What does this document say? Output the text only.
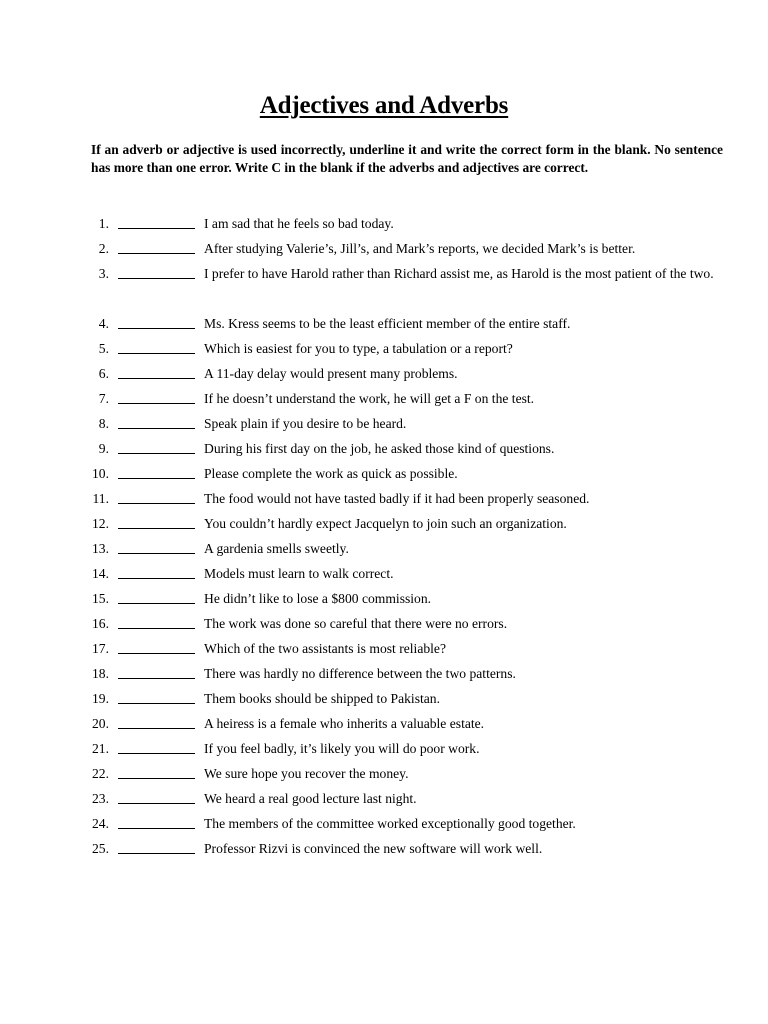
Adjectives and Adverbs

If an adverb or adjective is used incorrectly, underline it and write the correct form in the blank. No sentence has more than one error. Write C in the blank if the adverbs and adjectives are correct.

1.	I am sad that he feels so bad today.
2.	After studying Valerie’s, Jill’s, and Mark’s reports, we decided Mark’s is better.
3.	I prefer to have Harold rather than Richard assist me, as Harold is the most patient of the two.
4.	Ms. Kress seems to be the least efficient member of the entire staff.
5.	Which is easiest for you to type, a tabulation or a report?
6.	A 11-day delay would present many problems.
7.	If he doesn’t understand the work, he will get a F on the test.
8.	Speak plain if you desire to be heard.
9.	During his first day on the job, he asked those kind of questions.
10.	Please complete the work as quick as possible.
11.	The food would not have tasted badly if it had been properly seasoned.
12.	You couldn’t hardly expect Jacquelyn to join such an organization.
13.	A gardenia smells sweetly.
14.	Models must learn to walk correct.
15.	He didn’t like to lose a $800 commission.
16.	The work was done so careful that there were no errors.
17.	Which of the two assistants is most reliable?
18.	There was hardly no difference between the two patterns.
19.	Them books should be shipped to Pakistan.
20.	A heiress is a female who inherits a valuable estate.
21.	If you feel badly, it’s likely you will do poor work.
22.	We sure hope you recover the money.
23.	We heard a real good lecture last night.
24.	The members of the committee worked exceptionally good together.
25.	Professor Rizvi is convinced the new software will work well.
